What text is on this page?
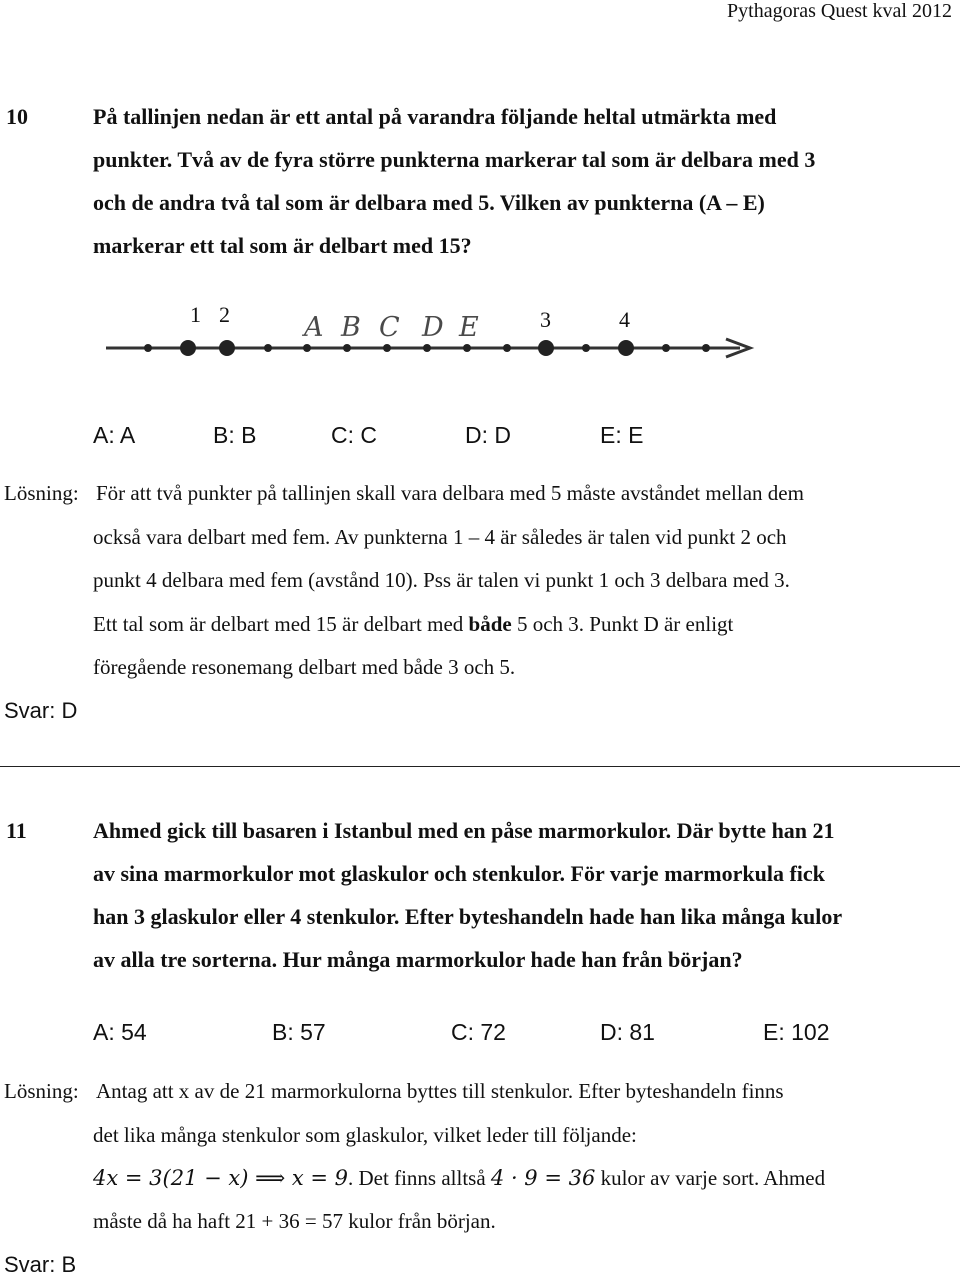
Pythagoras Quest kval 2012
10	På tallinjen nedan är ett antal på varandra följande heltal utmärkta med
punkter. Två av de fyra större punkterna markerar tal som är delbara med 3
och de andra två tal som är delbara med 5. Vilken av punkterna (A – E)
markerar ett tal som är delbart med 15?
1 2	3	4
A B C D E
A: A	B: B	C: C	D: D	E: E
Lösning: För att två punkter på tallinjen skall vara delbara med 5 måste avståndet mellan dem
också vara delbart med fem. Av punkterna 1 – 4 är således är talen vid punkt 2 och
punkt 4 delbara med fem (avstånd 10). Pss är talen vi punkt 1 och 3 delbara med 3.
Ett tal som är delbart med 15 är delbart med både 5 och 3. Punkt D är enligt
föregående resonemang delbart med både 3 och 5.
Svar: D
11	Ahmed gick till basaren i Istanbul med en påse marmorkulor. Där bytte han 21
av sina marmorkulor mot glaskulor och stenkulor. För varje marmorkula fick
han 3 glaskulor eller 4 stenkulor. Efter byteshandeln hade han lika många kulor
av alla tre sorterna. Hur många marmorkulor hade han från början?
A: 54	B: 57	C: 72	D: 81	E: 102
Lösning: Antag att x av de 21 marmorkulorna byttes till stenkulor. Efter byteshandeln finns
det lika många stenkulor som glaskulor, vilket leder till följande:
4x = 3(21 − x) ⟹ x = 9. Det finns alltså 4 · 9 = 36 kulor av varje sort. Ahmed
måste då ha haft 21 + 36 = 57 kulor från början.
Svar: B
